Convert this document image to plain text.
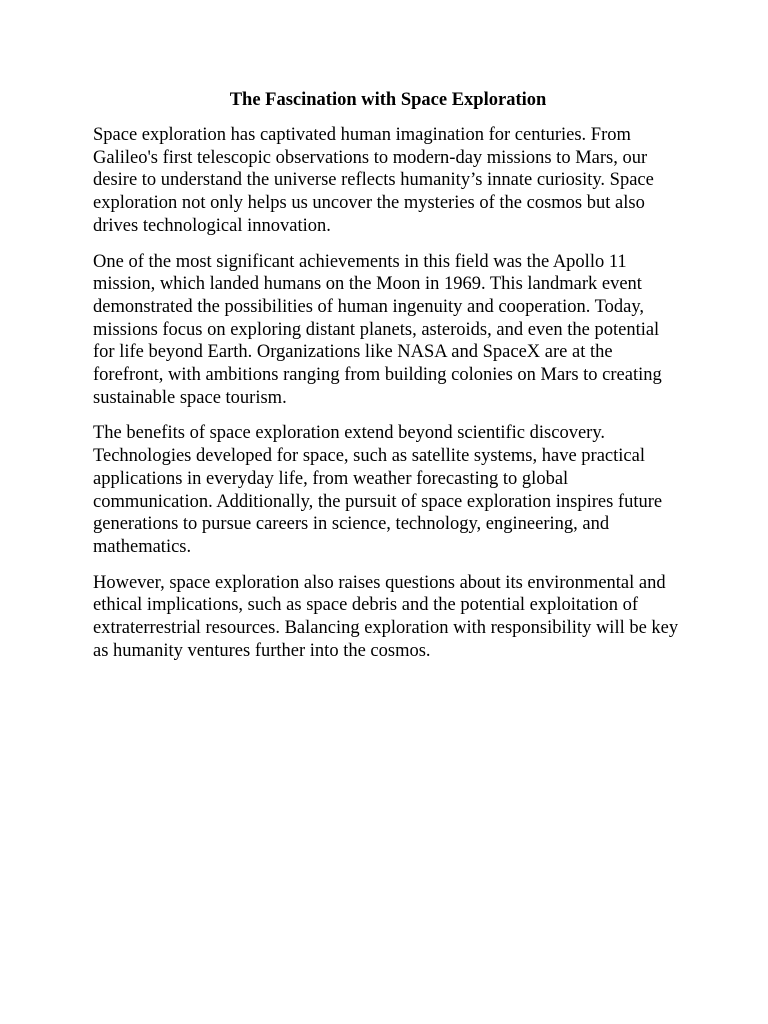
The Fascination with Space Exploration

Space exploration has captivated human imagination for centuries. From Galileo's first telescopic observations to modern-day missions to Mars, our desire to understand the universe reflects humanity’s innate curiosity. Space exploration not only helps us uncover the mysteries of the cosmos but also drives technological innovation.

One of the most significant achievements in this field was the Apollo 11 mission, which landed humans on the Moon in 1969. This landmark event demonstrated the possibilities of human ingenuity and cooperation. Today, missions focus on exploring distant planets, asteroids, and even the potential for life beyond Earth. Organizations like NASA and SpaceX are at the forefront, with ambitions ranging from building colonies on Mars to creating sustainable space tourism.

The benefits of space exploration extend beyond scientific discovery. Technologies developed for space, such as satellite systems, have practical applications in everyday life, from weather forecasting to global communication. Additionally, the pursuit of space exploration inspires future generations to pursue careers in science, technology, engineering, and mathematics.

However, space exploration also raises questions about its environmental and ethical implications, such as space debris and the potential exploitation of extraterrestrial resources. Balancing exploration with responsibility will be key as humanity ventures further into the cosmos.
